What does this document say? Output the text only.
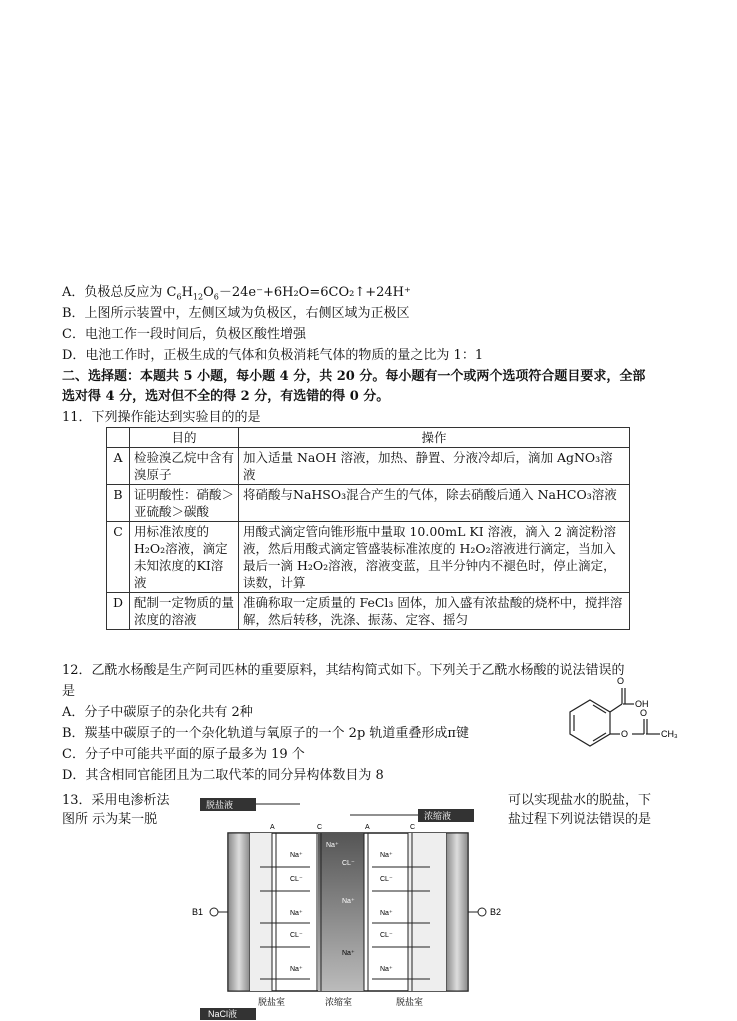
A．负极总反应为 $C_6H_{12}O_6-24e^-+6H_2O=6CO_2↑+24H^+$
B．上图所示装置中，左侧区域为负极区，右侧区域为正极区
C．电池工作一段时间后，负极区酸性增强
D．电池工作时，正极生成的气体和负极消耗气体的物质的量之比为 1：1
二、选择题：本题共 5 小题，每小题 4 分，共 20 分。每小题有一个或两个选项符合题目要求，全部
选对得 4 分，选对但不全的得 2 分，有选错的得 0 分。
11．下列操作能达到实验目的的是
	目的	操作
A	检验溴乙烷中含有溴原子	加入适量 NaOH 溶液，加热、静置、分液冷却后，滴加 AgNO₃溶液
B	证明酸性：硝酸＞亚硫酸＞碳酸	将硝酸与NaHSO₃混合产生的气体，除去硝酸后通入 NaHCO₃溶液
C	用标准浓度的H₂O₂溶液，滴定未知浓度的KI溶液	用酸式滴定管向锥形瓶中量取 10.00mL KI 溶液，滴入 2 滴淀粉溶液，然后用酸式滴定管盛装标准浓度的 H₂O₂溶液进行滴定，当加入最后一滴 H₂O₂溶液，溶液变蓝，且半分钟内不褪色时，停止滴定，读数，计算
D	配制一定物质的量浓度的溶液	准确称取一定质量的 FeCl₃ 固体，加入盛有浓盐酸的烧杯中，搅拌溶解，然后转移，洗涤、振荡、定容、摇匀
12．乙酰水杨酸是生产阿司匹林的重要原料，其结构简式如下。下列关于乙酰水杨酸的说法错误的
是
A．分子中碳原子的杂化共有 2种
B．羰基中碳原子的一个杂化轨道与氧原子的一个 2p 轨道重叠形成π键
C．分子中可能共平面的原子最多为 19 个
D．其含相同官能团且为二取代苯的同分异构体数目为 8
O
OH
O
O
CH₃
13．采用电渗析法
图所 示为某一脱
可以实现盐水的脱盐，下
盐过程下列说法错误的是
脱盐液
浓缩液
A	C	A	C
Na⁺
CL⁻
Na⁺
CL⁻
Na⁺
Na⁺
CL⁻
Na⁺
Na⁺
Na⁺
CL⁻
Na⁺
CL⁻
Na⁺
B1	B2
脱盐室	浓缩室	脱盐室
NaCl液
